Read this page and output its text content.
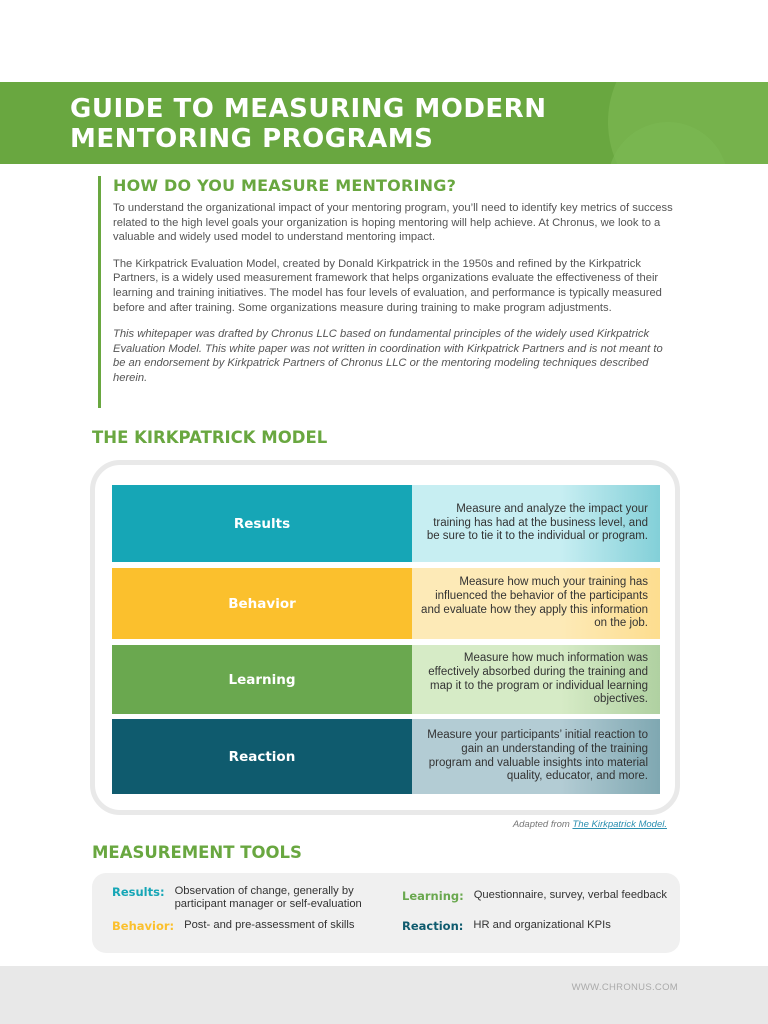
GUIDE TO MEASURING MODERN
MENTORING PROGRAMS
HOW DO YOU MEASURE MENTORING?

To understand the organizational impact of your mentoring program, you’ll need to identify key metrics of success related to the high level goals your organization is hoping mentoring will help achieve. At Chronus, we look to a valuable and widely used model to understand mentoring impact.

The Kirkpatrick Evaluation Model, created by Donald Kirkpatrick in the 1950s and refined by the Kirkpatrick Partners, is a widely used measurement framework that helps organizations evaluate the effectiveness of their learning and training initiatives. The model has four levels of evaluation, and performance is typically measured before and after training. Some organizations measure during training to make program adjustments.

This whitepaper was drafted by Chronus LLC based on fundamental principles of the widely used Kirkpatrick Evaluation Model. This white paper was not written in coordination with Kirkpatrick Partners and is not meant to be an endorsement by Kirkpatrick Partners of Chronus LLC or the mentoring modeling techniques described herein.

THE KIRKPATRICK MODEL
Results
Measure and analyze the impact your training has had at the business level, and be sure to tie it to the individual or program.
Behavior
Measure how much your training has influenced the behavior of the participants and evaluate how they apply this information on the job.
Learning
Measure how much information was effectively absorbed during the training and map it to the program or individual learning objectives.
Reaction
Measure your participants’ initial reaction to gain an understanding of the training program and valuable insights into material quality, educator, and more.
Adapted from The Kirkpatrick Model.
MEASUREMENT TOOLS
Results: Observation of change, generally by participant manager or self-evaluation
Behavior: Post- and pre-assessment of skills
Learning: Questionnaire, survey, verbal feedback
Reaction: HR and organizational KPIs
WWW.CHRONUS.COM
